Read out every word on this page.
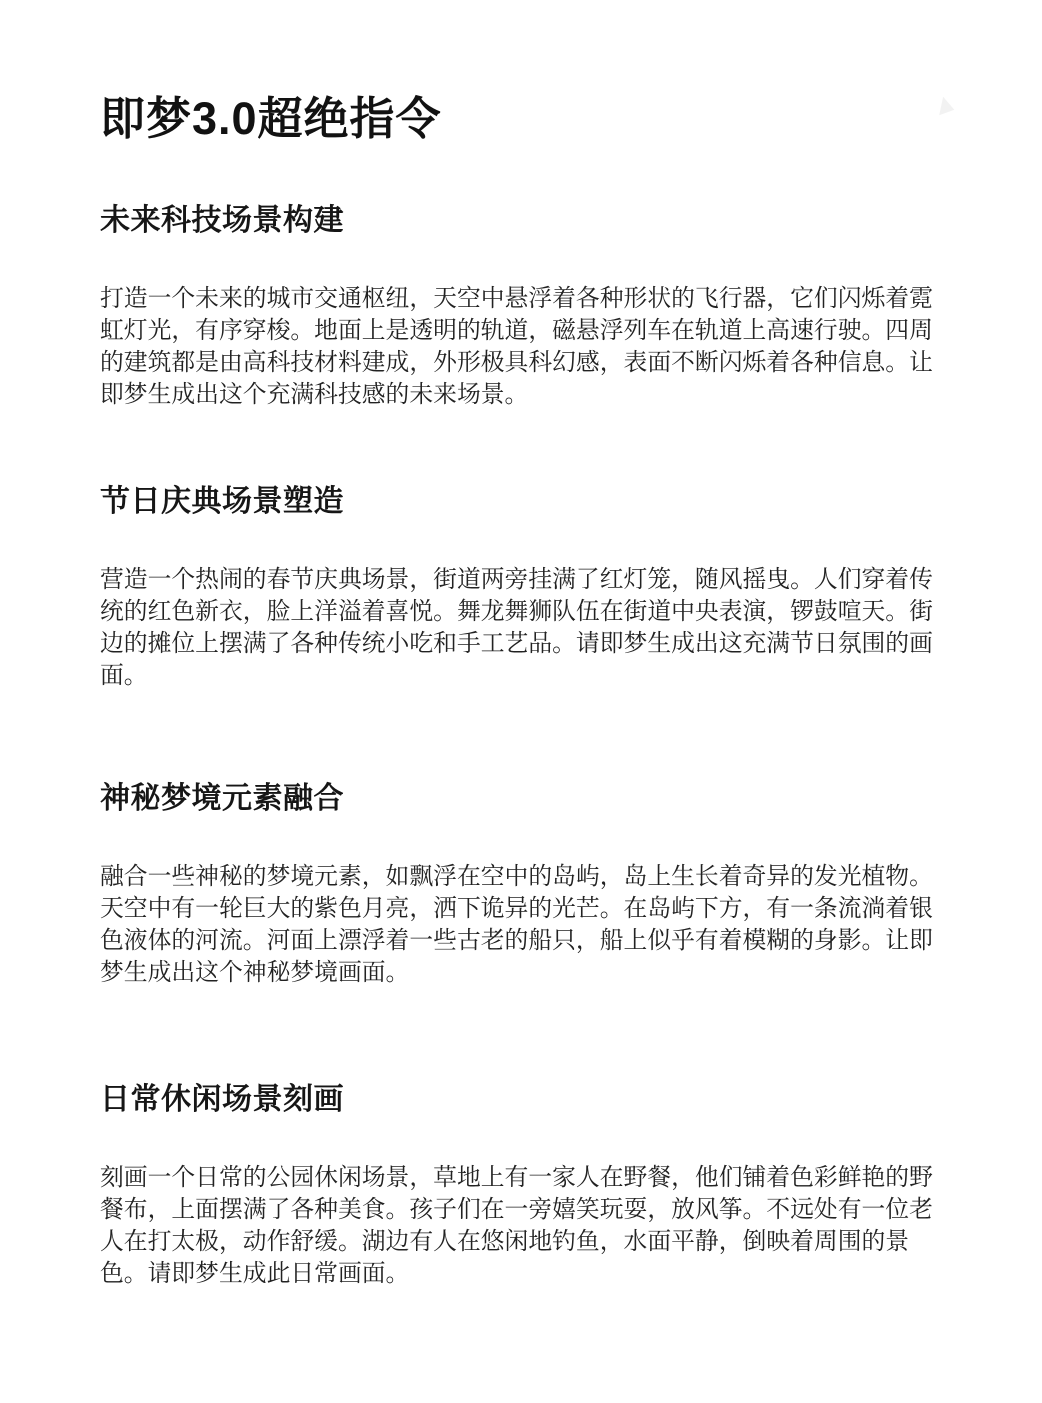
即梦3.0超绝指令
未来科技场景构建

打造一个未来的城市交通枢纽，天空中悬浮着各种形状的飞行器，它们闪烁着霓虹灯光，有序穿梭。地面上是透明的轨道，磁悬浮列车在轨道上高速行驶。四周的建筑都是由高科技材料建成，外形极具科幻感，表面不断闪烁着各种信息。让即梦生成出这个充满科技感的未来场景。

节日庆典场景塑造

营造一个热闹的春节庆典场景，街道两旁挂满了红灯笼，随风摇曳。人们穿着传统的红色新衣，脸上洋溢着喜悦。舞龙舞狮队伍在街道中央表演，锣鼓喧天。街边的摊位上摆满了各种传统小吃和手工艺品。请即梦生成出这充满节日氛围的画面。

神秘梦境元素融合

融合一些神秘的梦境元素，如飘浮在空中的岛屿，岛上生长着奇异的发光植物。天空中有一轮巨大的紫色月亮，洒下诡异的光芒。在岛屿下方，有一条流淌着银色液体的河流。河面上漂浮着一些古老的船只，船上似乎有着模糊的身影。让即梦生成出这个神秘梦境画面。

日常休闲场景刻画

刻画一个日常的公园休闲场景，草地上有一家人在野餐，他们铺着色彩鲜艳的野餐布，上面摆满了各种美食。孩子们在一旁嬉笑玩耍，放风筝。不远处有一位老人在打太极，动作舒缓。湖边有人在悠闲地钓鱼，水面平静，倒映着周围的景色。请即梦生成此日常画面。
